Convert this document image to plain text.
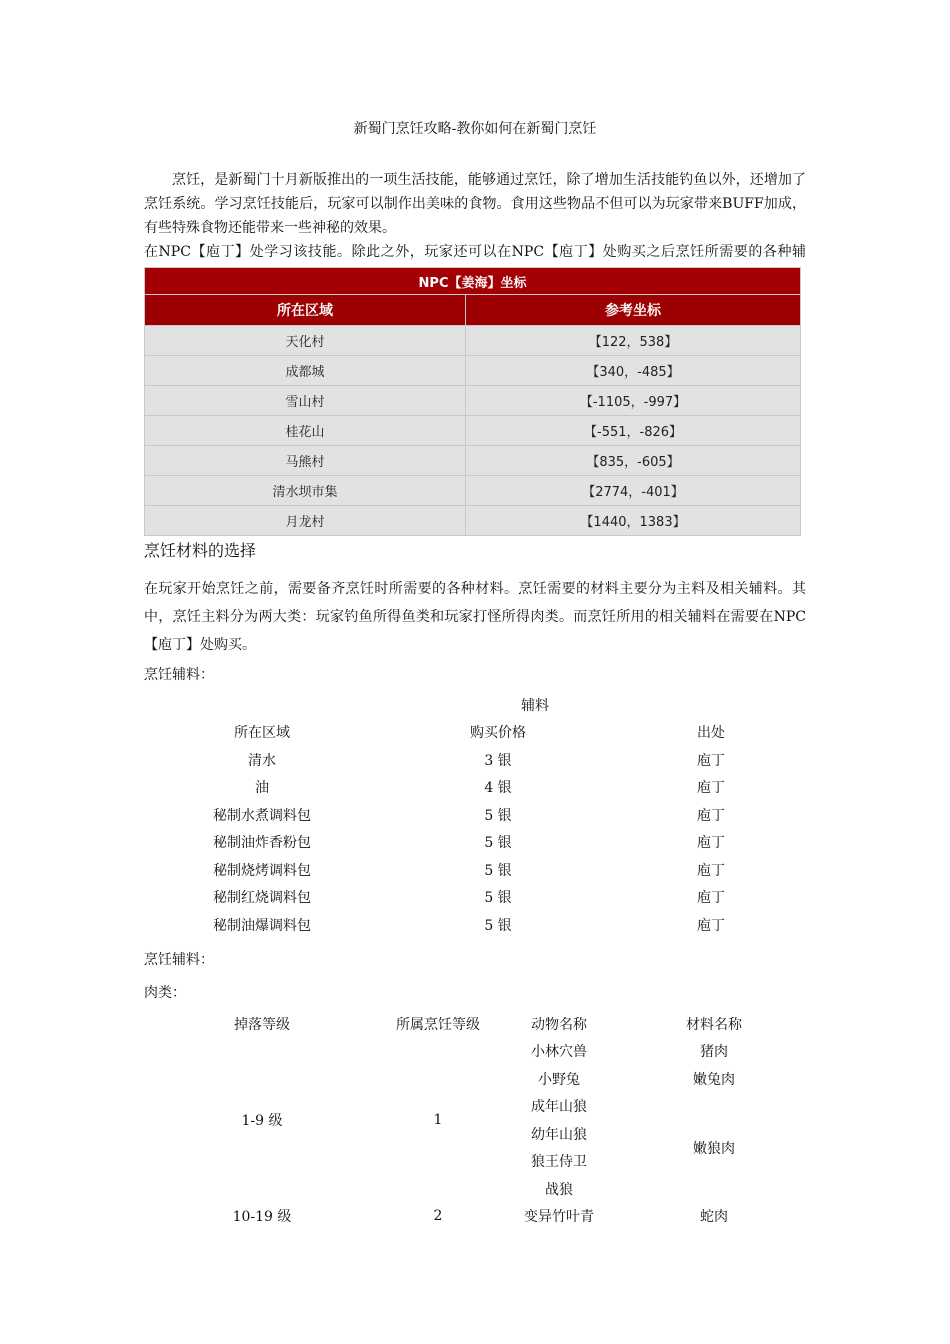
新蜀门烹饪攻略-教你如何在新蜀门烹饪
烹饪，是新蜀门十月新版推出的一项生活技能，能够通过烹饪，除了增加生活技能钓鱼以外，还增加了烹饪系统。学习烹饪技能后，玩家可以制作出美味的食物。食用这些物品不但可以为玩家带来BUFF加成，有些特殊食物还能带来一些神秘的效果。
在NPC【庖丁】处学习该技能。除此之外，玩家还可以在NPC【庖丁】处购买之后烹饪所需要的各种辅
NPC【姜海】坐标	
所在区域	参考坐标
天化村	【122，538】
成都城	【340，-485】
雪山村	【-1105，-997】
桂花山	【-551，-826】
马熊村	【835，-605】
清水坝市集	【2774，-401】
月龙村	【1440，1383】
烹饪材料的选择
在玩家开始烹饪之前，需要备齐烹饪时所需要的各种材料。烹饪需要的材料主要分为主料及相关辅料。其中，烹饪主料分为两大类：玩家钓鱼所得鱼类和玩家打怪所得肉类。而烹饪所用的相关辅料在需要在NPC【庖丁】处购买。
烹饪辅料：
辅料		
所在区域	购买价格	出处
清水	3 银	庖丁
油	4 银	庖丁
秘制水煮调料包	5 银	庖丁
秘制油炸香粉包	5 银	庖丁
秘制烧烤调料包	5 银	庖丁
秘制红烧调料包	5 银	庖丁
秘制油爆调料包	5 银	庖丁
烹饪辅料：
肉类：
掉落等级	所属烹饪等级	动物名称	材料名称
1-9 级	1	小林穴兽	猪肉
		小野兔	嫩兔肉
		成年山狼	嫩狼肉
		幼年山狼	
		狼王侍卫	
		战狼	
10-19 级	2	变异竹叶青	蛇肉
